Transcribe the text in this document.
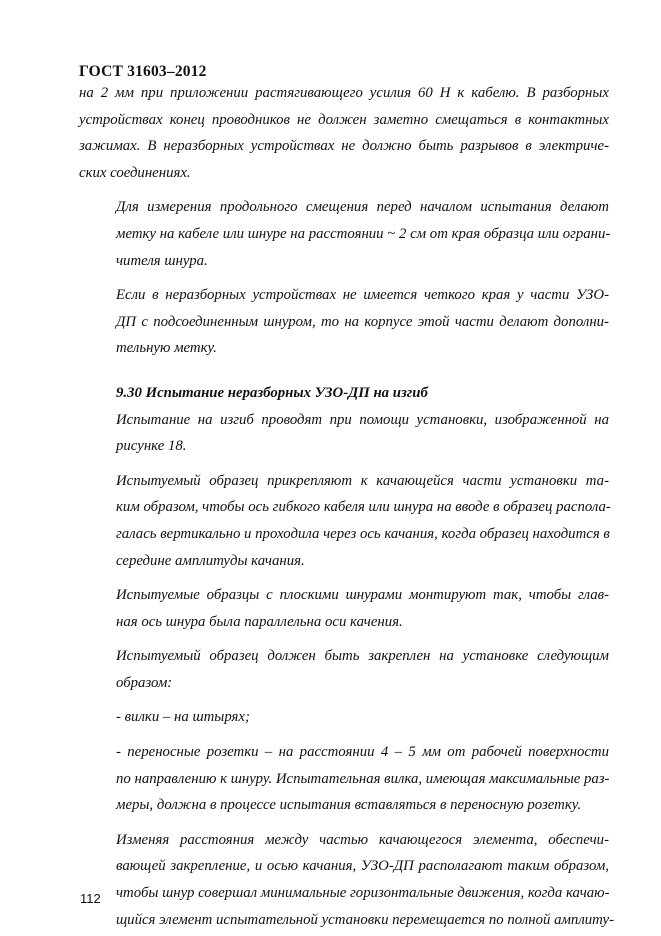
ГОСТ 31603–2012
на 2 мм при приложении растягивающего усилия 60 Н к кабелю. В разборных
устройствах конец проводников не должен заметно смещаться в контактных
зажимах. В неразборных устройствах не должно быть разрывов в электриче-
ских соединениях.
Для измерения продольного смещения перед началом испытания делают
метку на кабеле или шнуре на расстоянии ~ 2 см от края образца или ограни-
чителя шнура.
Если в неразборных устройствах не имеется четкого края у части УЗО-
ДП с подсоединенным шнуром, то на корпусе этой части делают дополни-
тельную метку.
9.30 Испытание неразборных УЗО-ДП на изгиб
Испытание на изгиб проводят при помощи установки, изображенной на
рисунке 18.
Испытуемый образец прикрепляют к качающейся части установки та-
ким образом, чтобы ось гибкого кабеля или шнура на вводе в образец распола-
галась вертикально и проходила через ось качания, когда образец находится в
середине амплитуды качания.
Испытуемые образцы с плоскими шнурами монтируют так, чтобы глав-
ная ось шнура была параллельна оси качения.
Испытуемый образец должен быть закреплен на установке следующим
образом:
- вилки – на штырях;
- переносные розетки – на расстоянии 4 – 5 мм от рабочей поверхности
по направлению к шнуру. Испытательная вилка, имеющая максимальные раз-
меры, должна в процессе испытания вставляться в переносную розетку.
Изменяя расстояния между частью качающегося элемента, обеспечи-
вающей закрепление, и осью качания, УЗО-ДП располагают таким образом,
чтобы шнур совершал минимальные горизонтальные движения, когда качаю-
щийся элемент испытательной установки перемещается по полной амплиту-
112
